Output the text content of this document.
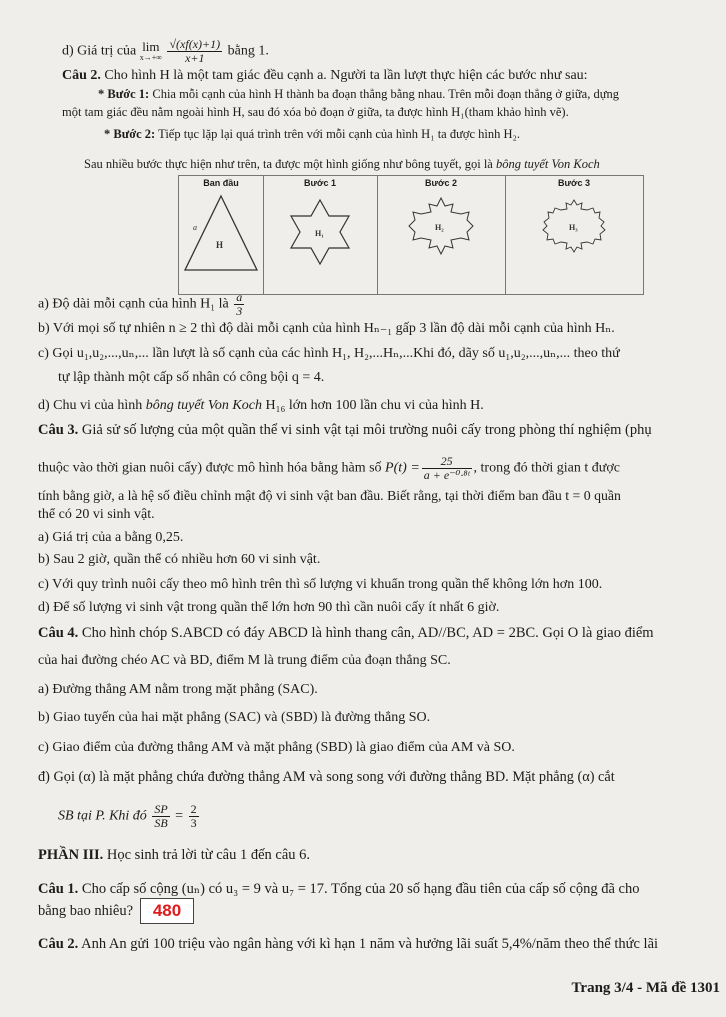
d) Giá trị của lim
x→+∞
$\frac{√(xf(x)+1)}{x+1}$ bằng 1.
Câu 2. Cho hình H là một tam giác đều cạnh a. Người ta lần lượt thực hiện các bước như sau:
* Bước 1: Chia mỗi cạnh của hình H thành ba đoạn thẳng bằng nhau. Trên mỗi đoạn thẳng ở giữa, dựng
một tam giác đều nằm ngoài hình H, sau đó xóa bỏ đoạn ở giữa, ta được hình H₁(tham khảo hình vẽ).
* Bước 2: Tiếp tục lặp lại quá trình trên với mỗi cạnh của hình H₁ ta được hình H₂.
Sau nhiều bước thực hiện như trên, ta được một hình giống như bông tuyết, gọi là bông tuyết Von Koch
Ban đầu
a
H
Bước 1
H₁
Bước 2
H₂
Bước 3
H₃
a) Độ dài mỗi cạnh của hình H₁ là $\frac{a}{3}$
b) Với mọi số tự nhiên n ≥ 2 thì độ dài mỗi cạnh của hình Hₙ₋₁ gấp 3 lần độ dài mỗi cạnh của hình Hₙ.
c) Gọi u₁,u₂,...,uₙ,... lần lượt là số cạnh của các hình H₁, H₂,...Hₙ,...Khi đó, dãy số u₁,u₂,...,uₙ,... theo thứ
tự lập thành một cấp số nhân có công bội q = 4.
d) Chu vi của hình bông tuyết Von Koch H₁₆ lớn hơn 100 lần chu vi của hình H.
Câu 3. Giả sử số lượng của một quần thể vi sinh vật tại môi trường nuôi cấy trong phòng thí nghiệm (phụ
thuộc vào thời gian nuôi cấy) được mô hình hóa bằng hàm số $P(t) = \frac{25}{\text{a + e⁻⁰·⁸ᵗ}}$ , trong đó thời gian t được
tính bằng giờ, a là hệ số điều chỉnh mật độ vi sinh vật ban đầu. Biết rằng, tại thời điểm ban đầu t = 0 quần
thể có 20 vi sinh vật.
a) Giá trị của a bằng 0,25.
b) Sau 2 giờ, quần thể có nhiều hơn 60 vi sinh vật.
c) Với quy trình nuôi cấy theo mô hình trên thì số lượng vi khuẩn trong quần thể không lớn hơn 100.
d) Để số lượng vi sinh vật trong quần thể lớn hơn 90 thì cần nuôi cấy ít nhất 6 giờ.
Câu 4. Cho hình chóp S.ABCD có đáy ABCD là hình thang cân, AD//BC, AD = 2BC. Gọi O là giao điểm
của hai đường chéo AC và BD, điểm M là trung điểm của đoạn thẳng SC.
a) Đường thẳng AM nằm trong mặt phẳng (SAC).
b) Giao tuyến của hai mặt phẳng (SAC) và (SBD) là đường thẳng SO.
c) Giao điểm của đường thẳng AM và mặt phẳng (SBD) là giao điểm của AM và SO.
đ) Gọi (α) là mặt phẳng chứa đường thẳng AM và song song với đường thẳng BD. Mặt phẳng (α) cắt
SB tại P. Khi đó $\frac{SP}{SB} = \frac{2}{3}$
PHẦN III. Học sinh trả lời từ câu 1 đến câu 6.
Câu 1. Cho cấp số cộng (uₙ) có u₃ = 9 và u₇ = 17. Tổng của 20 số hạng đầu tiên của cấp số cộng đã cho
bằng bao nhiêu?	480
Câu 2. Anh An gửi 100 triệu vào ngân hàng với kì hạn 1 năm và hưởng lãi suất 5,4%/năm theo thể thức lãi
Trang 3/4 - Mã đề 1301
